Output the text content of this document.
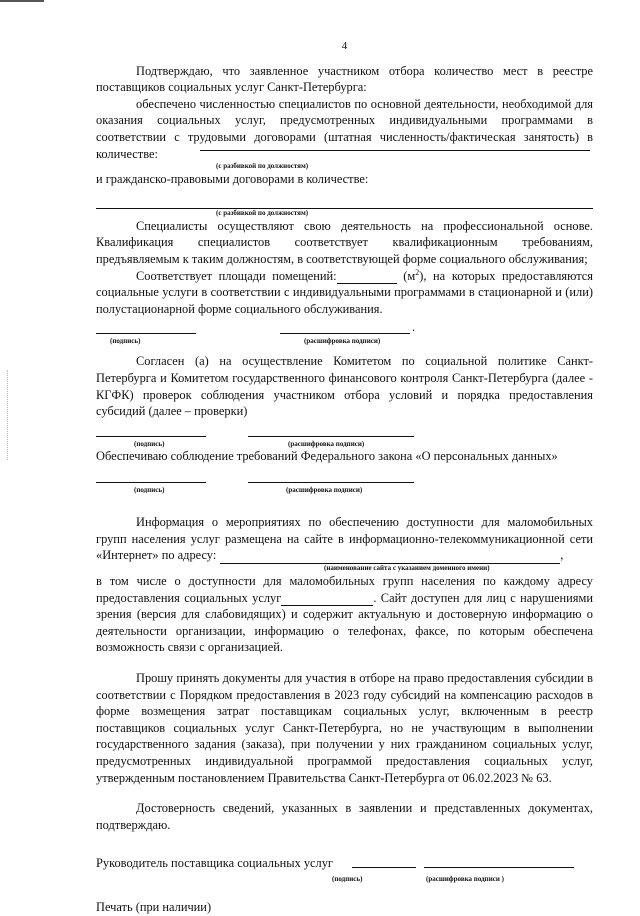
4

Подтверждаю, что заявленное участником отбора количество мест в реестре поставщиков социальных услуг Санкт-Петербурга:

обеспечено численностью специалистов по основной деятельности, необходимой для оказания социальных услуг, предусмотренных индивидуальными программами в соответствии с трудовыми договорами (штатная численность/фактическая занятость) в количестве:

(с разбивкой по должностям)

и гражданско-правовыми договорами в количестве:

(с разбивкой по должностям)

Специалисты осуществляют свою деятельность на профессиональной основе. Квалификация специалистов соответствует квалификационным требованиям, предъявляемым к таким должностям, в соответствующей форме социального обслуживания;

Соответствует площади помещений:	$(м^2)$, на которых предоставляются социальные услуги в соответствии с индивидуальными программами в стационарной и (или) полустационарной форме социального обслуживания.

.
(подпись)	(расшифровка подписи)

Согласен (а) на осуществление Комитетом по социальной политике Санкт-Петербурга и Комитетом государственного финансового контроля Санкт-Петербурга (далее - КГФК) проверок соблюдения участником отбора условий и порядка предоставления субсидий (далее – проверки)

(подпись)	(расшифровка подписи)

Обеспечиваю соблюдение требований Федерального закона «О персональных данных»

(подпись)	(расшифровка подписи)

Информация о мероприятиях по обеспечению доступности для маломобильных групп населения услуг размещена на сайте в информационно-телекоммуникационной сети «Интернет» по адресу:	,

(наименование сайта с указанием доменного имени)

в том числе о доступности для маломобильных групп населения по каждому адресу предоставления социальных услуг	. Сайт доступен для лиц с нарушениями зрения (версия для слабовидящих) и содержит актуальную и достоверную информацию о деятельности организации, информацию о телефонах, факсе, по которым обеспечена возможность связи с организацией.

Прошу принять документы для участия в отборе на право предоставления субсидии в соответствии с Порядком предоставления в 2023 году субсидий на компенсацию расходов в форме возмещения затрат поставщикам социальных услуг, включенным в реестр поставщиков социальных услуг Санкт-Петербурга, но не участвующим в выполнении государственного задания (заказа), при получении у них гражданином социальных услуг, предусмотренных индивидуальной программой предоставления социальных услуг, утвержденным постановлением Правительства Санкт-Петербурга от 06.02.2023 № 63.

Достоверность сведений, указанных в заявлении и представленных документах, подтверждаю.

Руководитель поставщика социальных услуг
(подпись)	(расшифровка подписи )

Печать (при наличии)
